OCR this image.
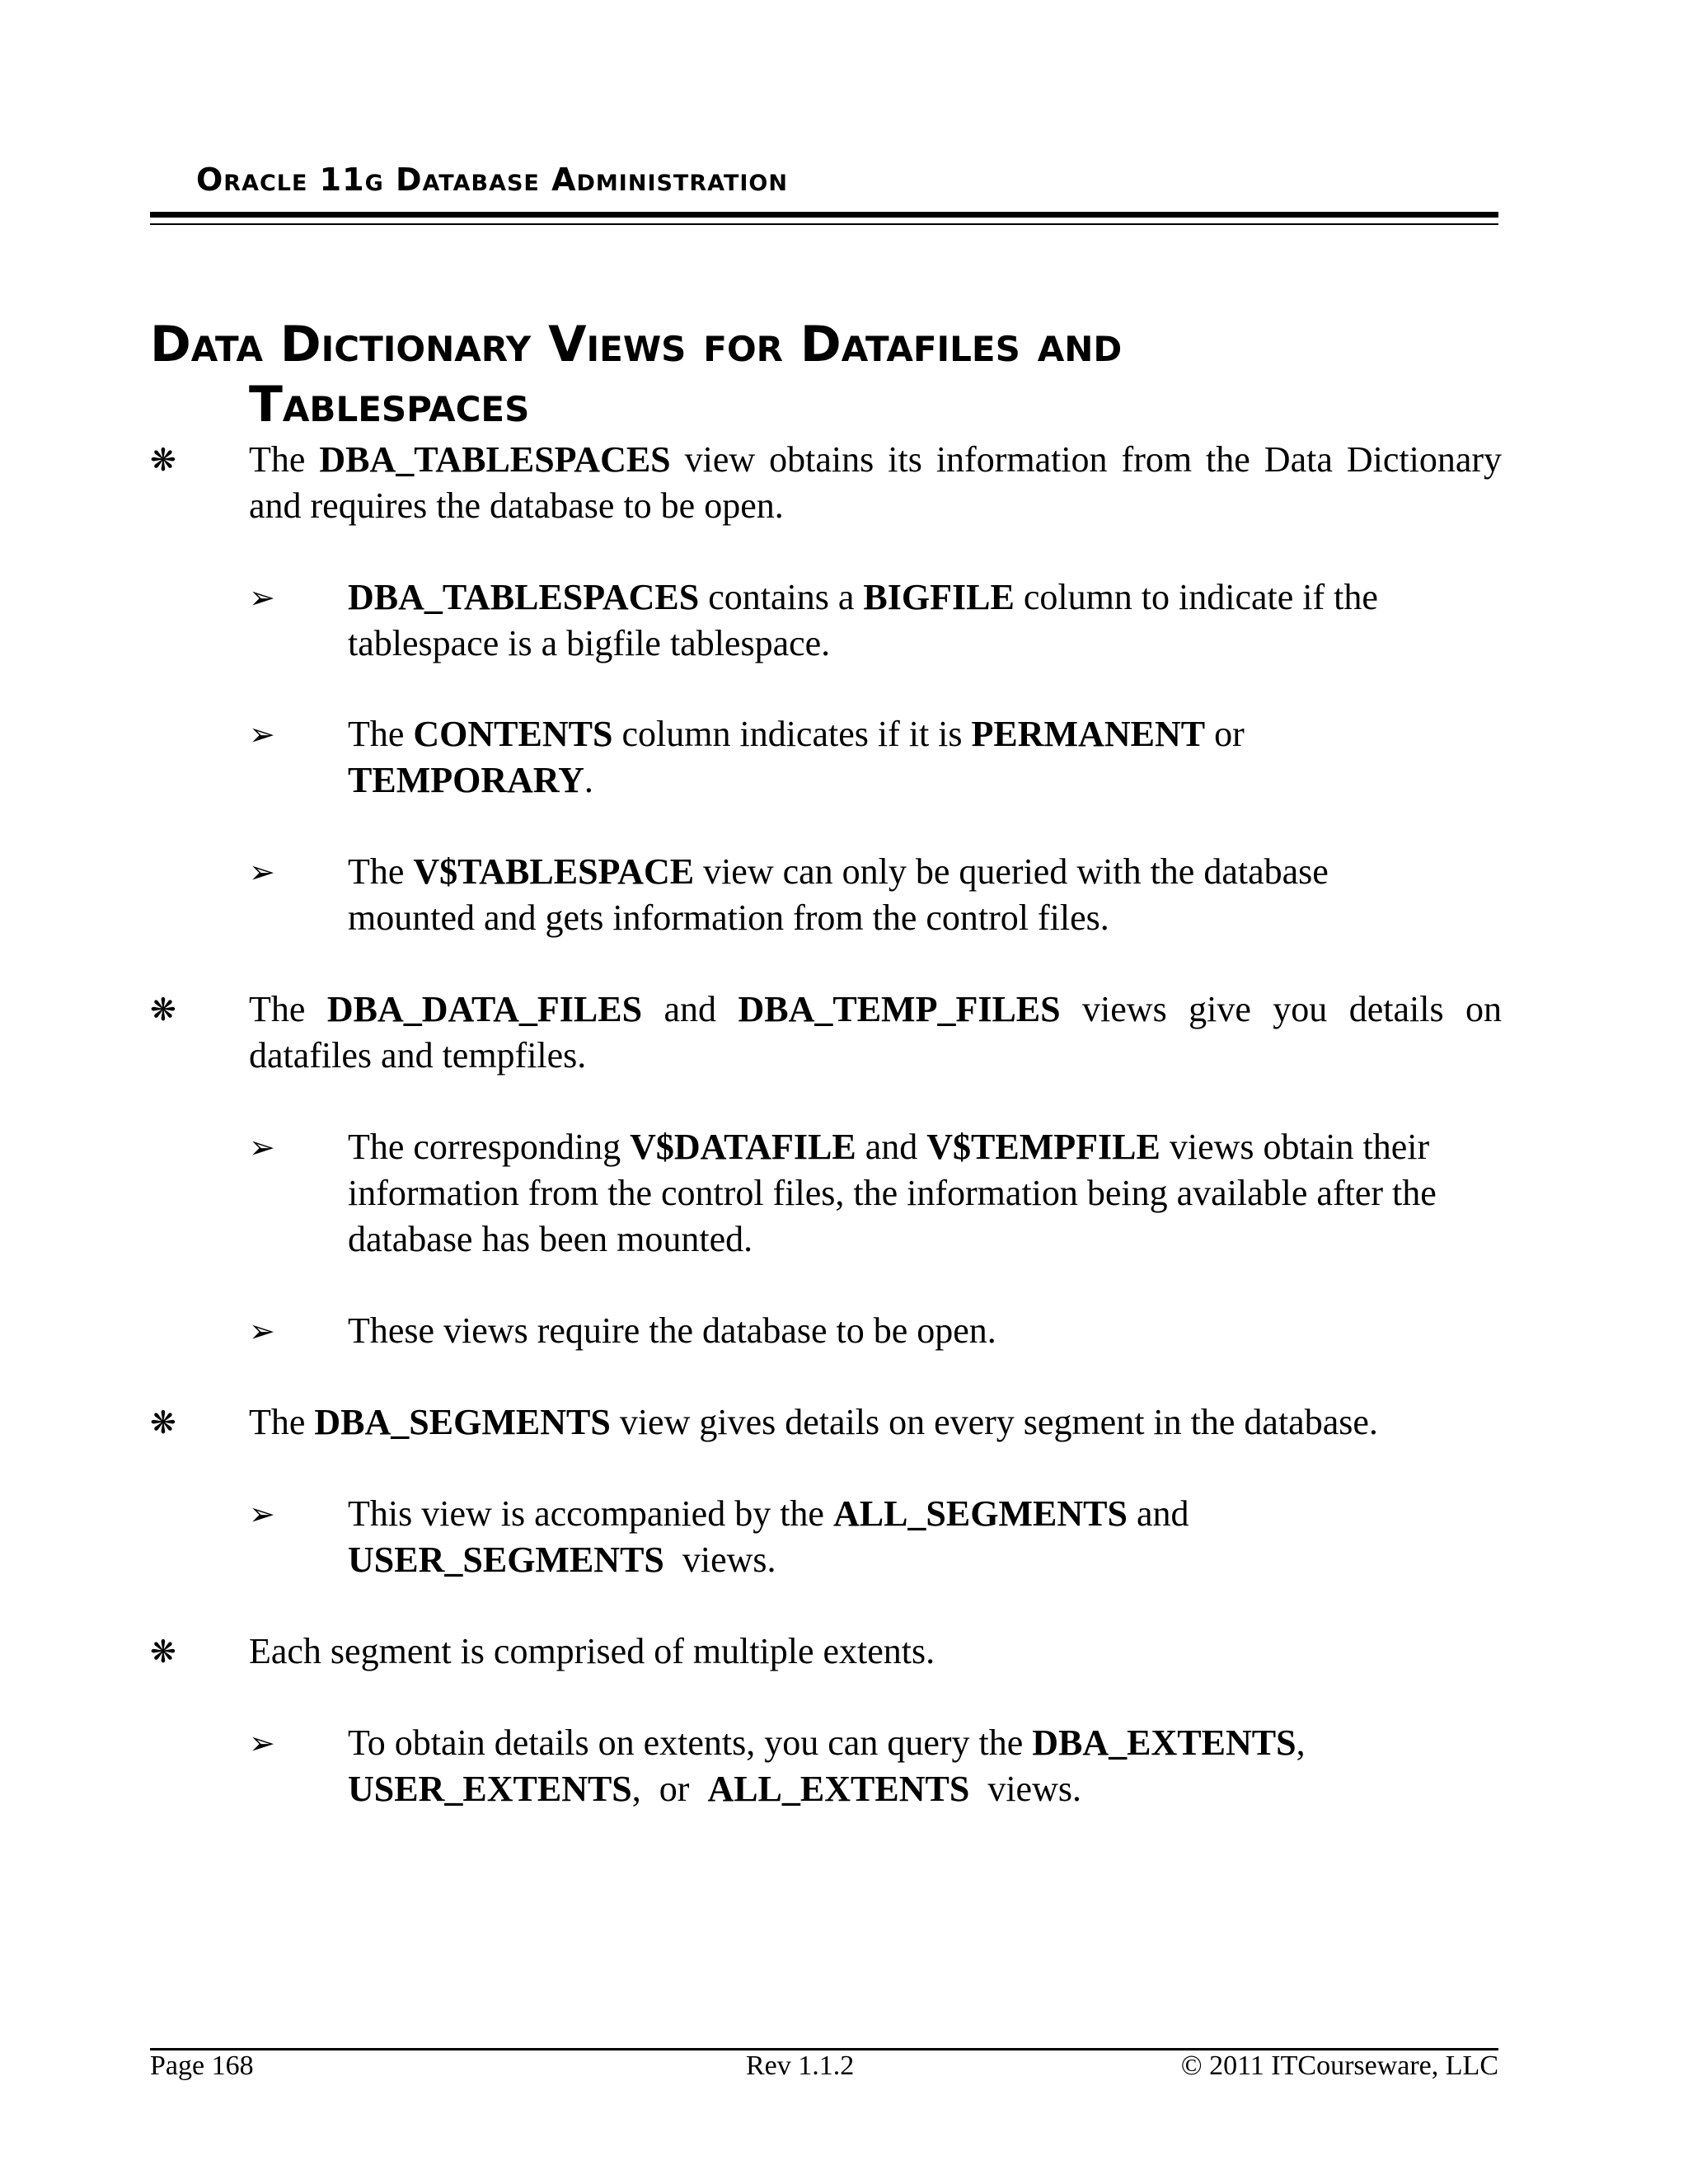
Oracle 11g Database Administration
Data Dictionary Views for Datafiles and
Tablespaces
❋	The DBA_TABLESPACES view obtains its information from the Data Dictionary and requires the database to be open.
➢ DBA_TABLESPACES contains a BIGFILE column to indicate if the tablespace is a bigfile tablespace.
➢ The CONTENTS column indicates if it is PERMANENT or TEMPORARY.
➢ The V$TABLESPACE view can only be queried with the database mounted and gets information from the control files.
❋	The DBA_DATA_FILES and DBA_TEMP_FILES views give you details on datafiles and tempfiles.
➢ The corresponding V$DATAFILE and V$TEMPFILE views obtain their information from the control files, the information being available after the database has been mounted.
➢ These views require the database to be open.
❋	The DBA_SEGMENTS view gives details on every segment in the database.
➢ This view is accompanied by the ALL_SEGMENTS and
USER_SEGMENTS  views.
❋	Each segment is comprised of multiple extents.
➢ To obtain details on extents, you can query the DBA_EXTENTS,
USER_EXTENTS,  or  ALL_EXTENTS  views.
Page 168	Rev 1.1.2	© 2011 ITCourseware, LLC
